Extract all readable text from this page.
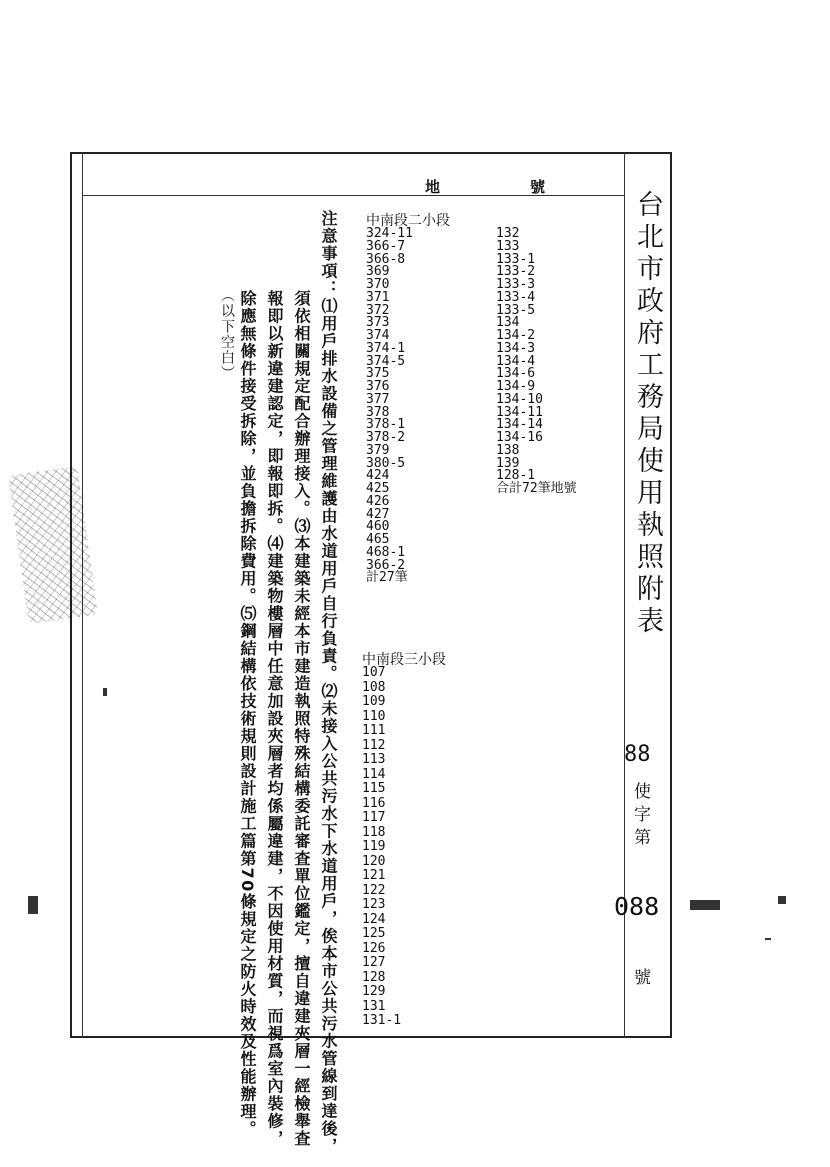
地	號
台北市政府工務局使用執照附表
88
使字第
088
號
中南段二小段
324-11
366-7
366-8
369
370
371
372
373
374
374-1
374-5
375
376
377
378
378-1
378-2
379
380-5
424
425
426
427
460
465
468-1
366-2
計27筆
132
133
133-1
133-2
133-3
133-4
133-5
134
134-2
134-3
134-4
134-6
134-9
134-10
134-11
134-14
134-16
138
139
128-1
合計72筆地號
中南段三小段
107
108
109
110
111
112
113
114
115
116
117
118
119
120
121
122
123
124
125
126
127
128
129
131
131-1
注意事項：⑴用戶排水設備之管理維護由水道用戶自行負責。⑵未接入公共污水下水道用戶，俟本市公共污水管線到達後，
須依相關規定配合辦理接入。⑶本建築未經本市建造執照特殊結構委託審查單位鑑定，擅自違建夾層一經檢舉查
報即以新違建認定，即報即拆。⑷建築物樓層中任意加設夾層者均係屬違建，不因使用材質，而視爲室內裝修，
除應無條件接受拆除，並負擔拆除費用。⑸鋼結構依技術規則設計施工篇第70條規定之防火時效及性能辦理。
（以下空白）
